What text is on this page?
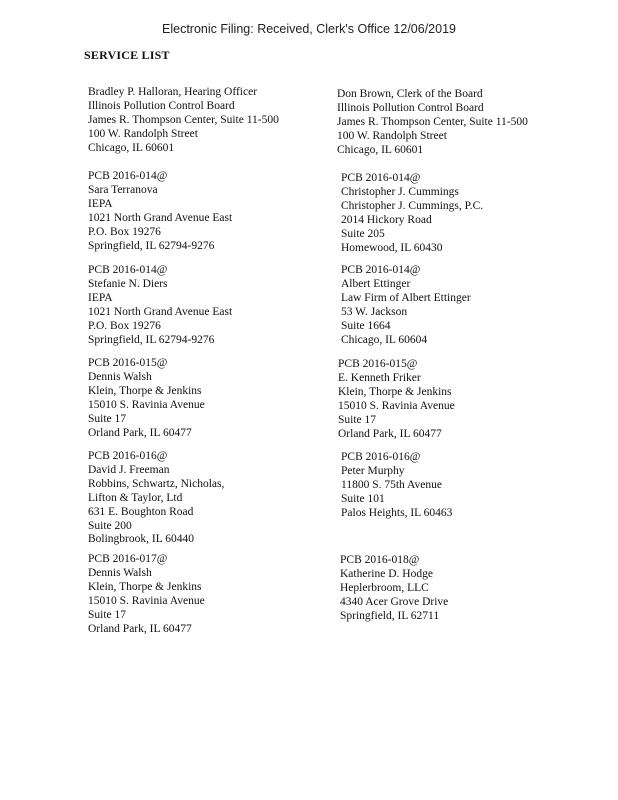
Electronic Filing: Received, Clerk's Office 12/06/2019
SERVICE LIST
Bradley P. Halloran, Hearing Officer
Illinois Pollution Control Board
James R. Thompson Center, Suite 11-500
100 W. Randolph Street
Chicago, IL 60601
Don Brown, Clerk of the Board
Illinois Pollution Control Board
James R. Thompson Center, Suite 11-500
100 W. Randolph Street
Chicago, IL 60601
PCB 2016-014@
Sara Terranova
IEPA
1021 North Grand Avenue East
P.O. Box 19276
Springfield, IL 62794-9276
PCB 2016-014@
Christopher J. Cummings
Christopher J. Cummings, P.C.
2014 Hickory Road
Suite 205
Homewood, IL 60430
PCB 2016-014@
Stefanie N. Diers
IEPA
1021 North Grand Avenue East
P.O. Box 19276
Springfield, IL 62794-9276
PCB 2016-014@
Albert Ettinger
Law Firm of Albert Ettinger
53 W. Jackson
Suite 1664
Chicago, IL 60604
PCB 2016-015@
Dennis Walsh
Klein, Thorpe & Jenkins
15010 S. Ravinia Avenue
Suite 17
Orland Park, IL 60477
PCB 2016-015@
E. Kenneth Friker
Klein, Thorpe & Jenkins
15010 S. Ravinia Avenue
Suite 17
Orland Park, IL 60477
PCB 2016-016@
David J. Freeman
Robbins, Schwartz, Nicholas,
Lifton & Taylor, Ltd
631 E. Boughton Road
Suite 200
Bolingbrook, IL 60440
PCB 2016-016@
Peter Murphy
11800 S. 75th Avenue
Suite 101
Palos Heights, IL 60463
PCB 2016-017@
Dennis Walsh
Klein, Thorpe & Jenkins
15010 S. Ravinia Avenue
Suite 17
Orland Park, IL 60477
PCB 2016-018@
Katherine D. Hodge
Heplerbroom, LLC
4340 Acer Grove Drive
Springfield, IL 62711
